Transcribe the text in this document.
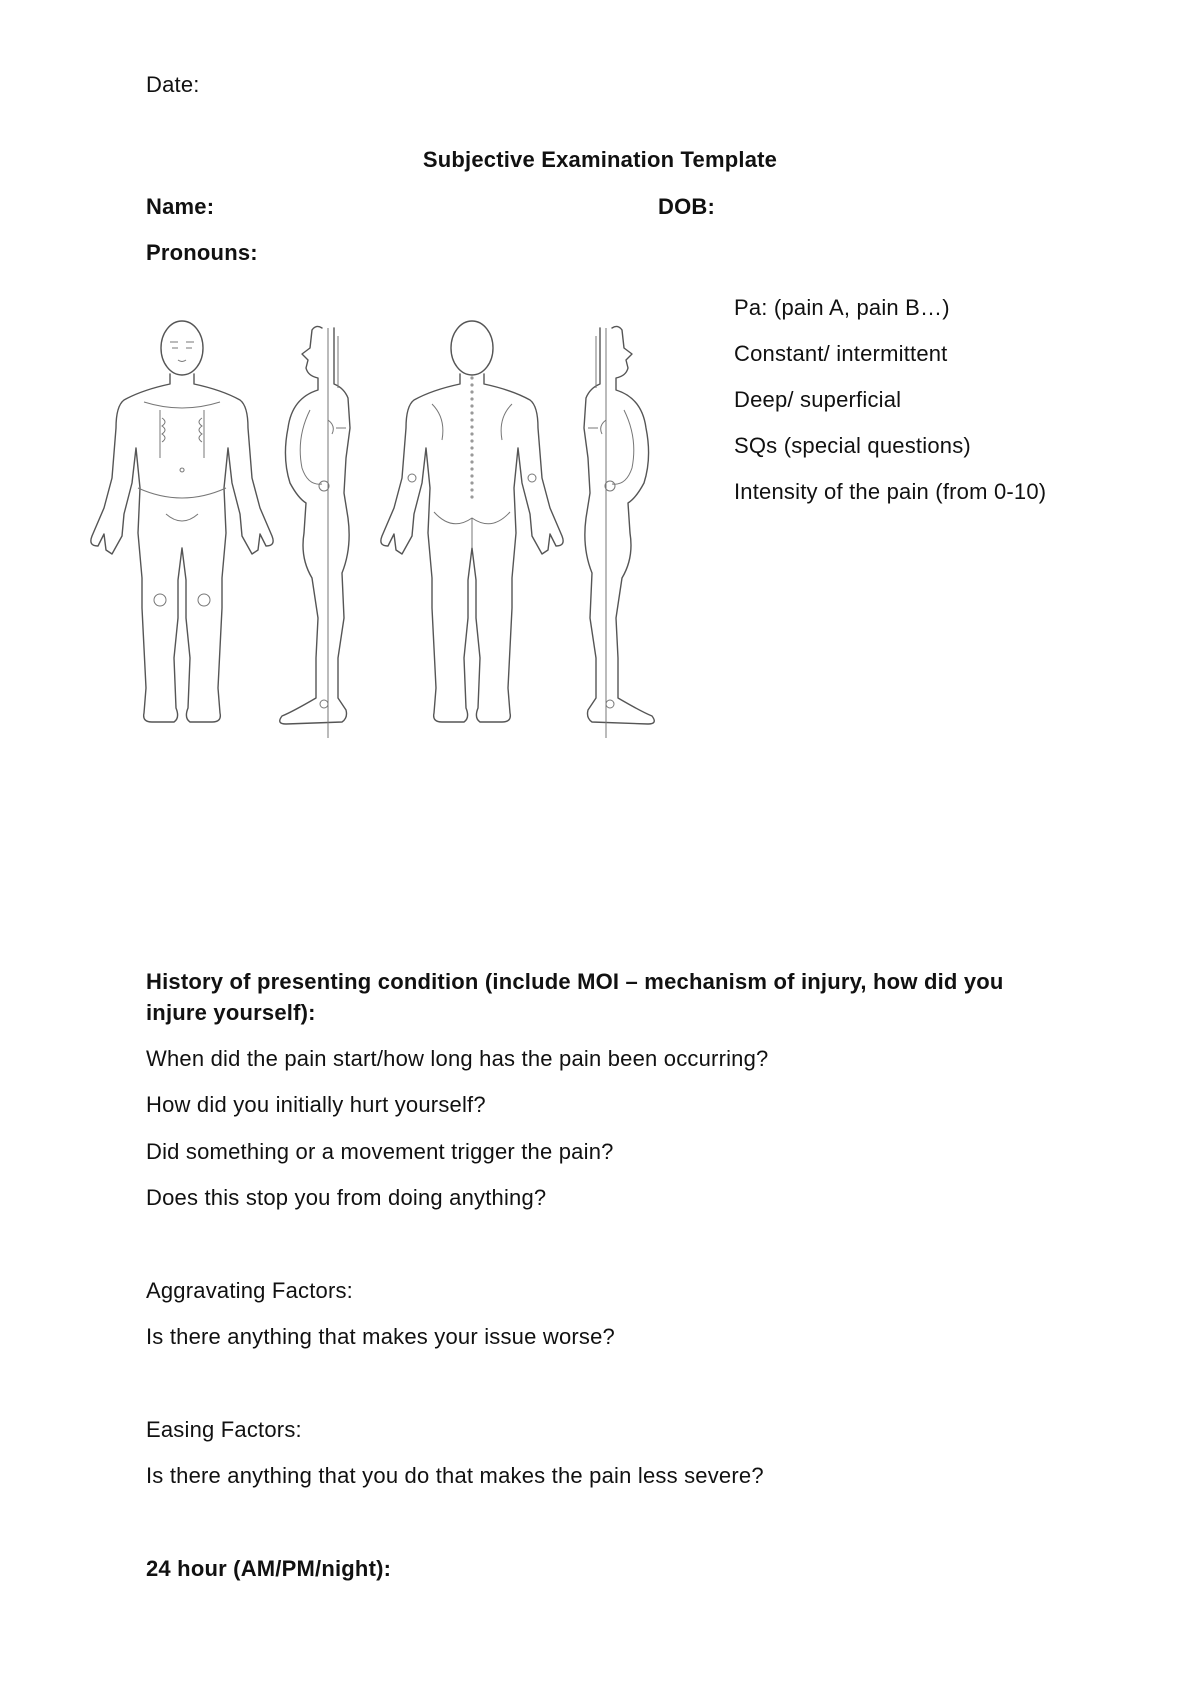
Date:
Subjective Examination Template
Name:	DOB:
Pronouns:
Pa: (pain A, pain B…)
Constant/ intermittent
Deep/ superficial
SQs (special questions)
Intensity of the pain (from 0-10)
History of presenting condition (include MOI – mechanism of injury, how did you injure yourself):
When did the pain start/how long has the pain been occurring?
How did you initially hurt yourself?
Did something or a movement trigger the pain?
Does this stop you from doing anything?
Aggravating Factors:
Is there anything that makes your issue worse?
Easing Factors:
Is there anything that you do that makes the pain less severe?
24 hour (AM/PM/night):
